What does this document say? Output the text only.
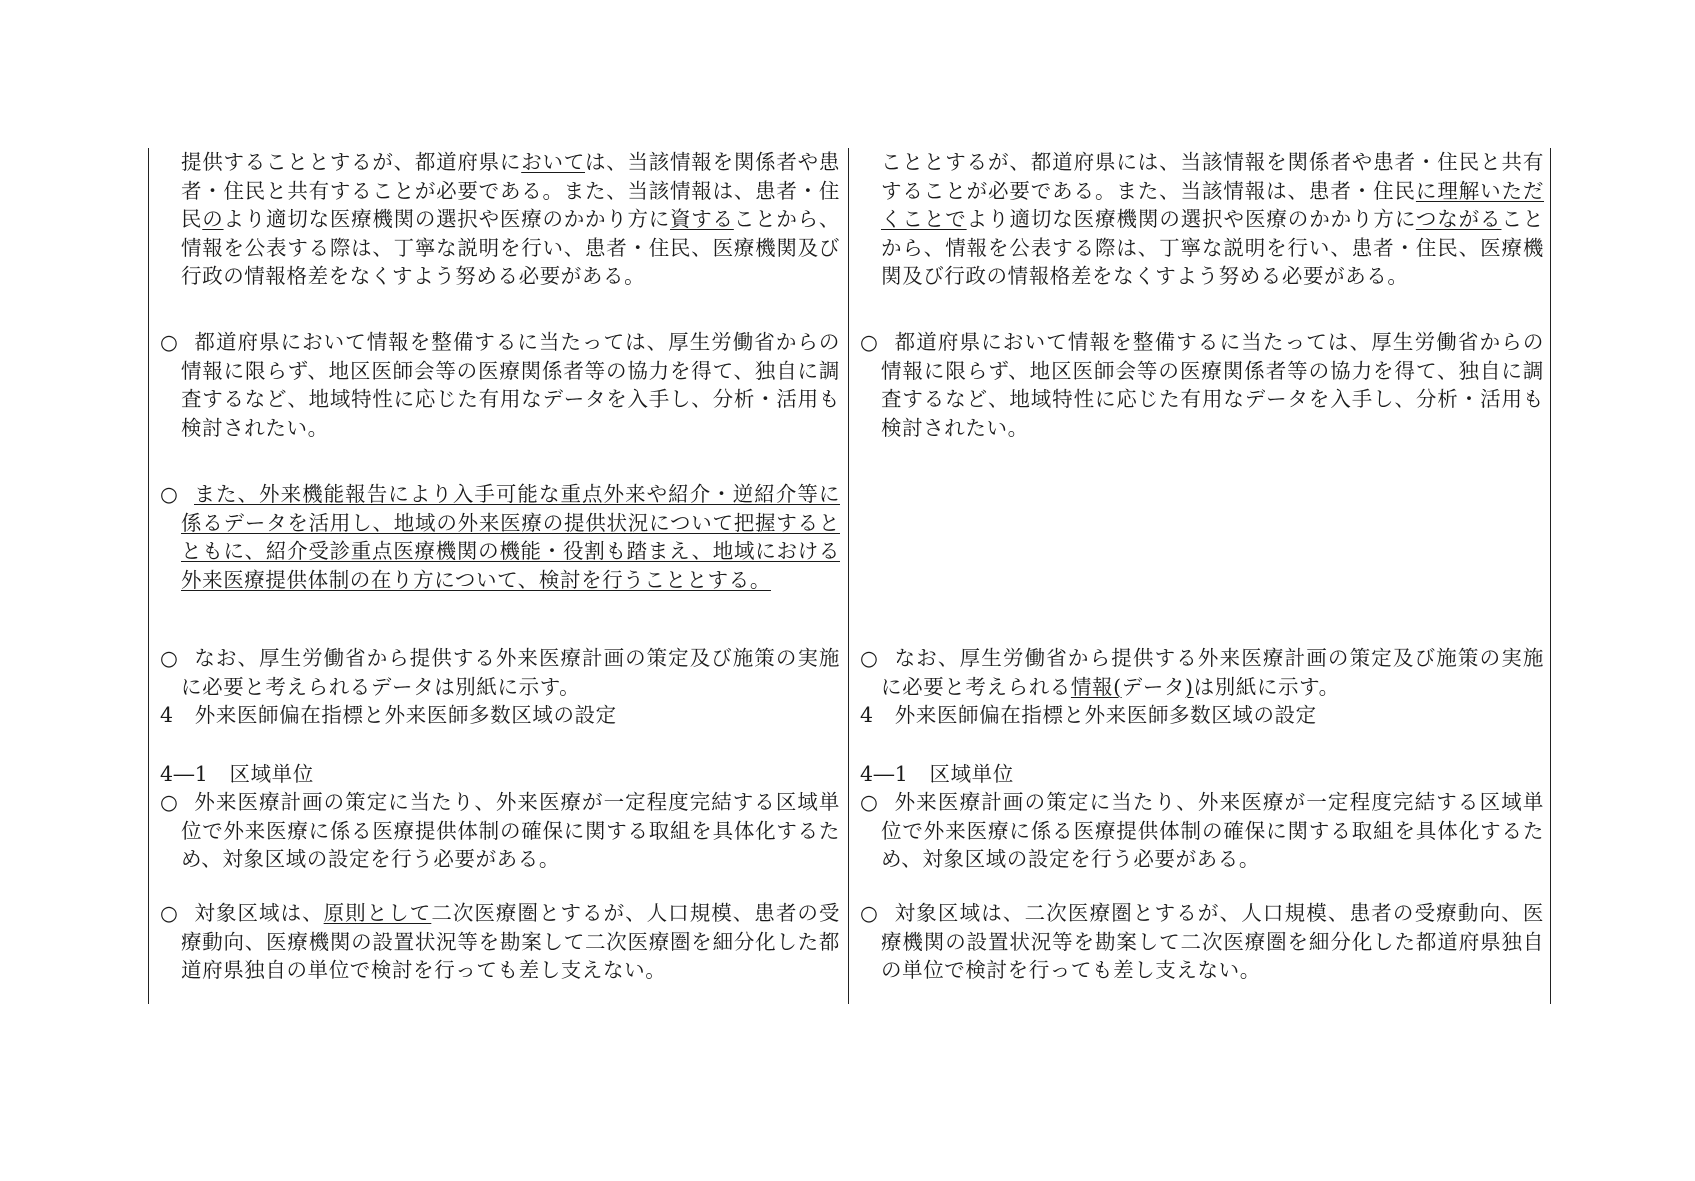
提供することとするが、都道府県においては、当該情報を関係者や患者・住民と共有することが必要である。また、当該情報は、患者・住民のより適切な医療機関の選択や医療のかかり方に資することから、情報を公表する際は、丁寧な説明を行い、患者・住民、医療機関及び行政の情報格差をなくすよう努める必要がある。

○ 都道府県において情報を整備するに当たっては、厚生労働省からの情報に限らず、地区医師会等の医療関係者等の協力を得て、独自に調査するなど、地域特性に応じた有用なデータを入手し、分析・活用も検討されたい。

○ また、外来機能報告により入手可能な重点外来や紹介・逆紹介等に係るデータを活用し、地域の外来医療の提供状況について把握するとともに、紹介受診重点医療機関の機能・役割も踏まえ、地域における外来医療提供体制の在り方について、検討を行うこととする。

○ なお、厚生労働省から提供する外来医療計画の策定及び施策の実施に必要と考えられるデータは別紙に示す。

4　外来医師偏在指標と外来医師多数区域の設定

4―1　区域単位

○ 外来医療計画の策定に当たり、外来医療が一定程度完結する区域単位で外来医療に係る医療提供体制の確保に関する取組を具体化するため、対象区域の設定を行う必要がある。

○ 対象区域は、原則として二次医療圏とするが、人口規模、患者の受療動向、医療機関の設置状況等を勘案して二次医療圏を細分化した都道府県独自の単位で検討を行っても差し支えない。

こととするが、都道府県には、当該情報を関係者や患者・住民と共有することが必要である。また、当該情報は、患者・住民に理解いただくことでより適切な医療機関の選択や医療のかかり方につながることから、情報を公表する際は、丁寧な説明を行い、患者・住民、医療機関及び行政の情報格差をなくすよう努める必要がある。

○ 都道府県において情報を整備するに当たっては、厚生労働省からの情報に限らず、地区医師会等の医療関係者等の協力を得て、独自に調査するなど、地域特性に応じた有用なデータを入手し、分析・活用も検討されたい。

○ なお、厚生労働省から提供する外来医療計画の策定及び施策の実施に必要と考えられる情報(データ)は別紙に示す。

4　外来医師偏在指標と外来医師多数区域の設定

4―1　区域単位

○ 外来医療計画の策定に当たり、外来医療が一定程度完結する区域単位で外来医療に係る医療提供体制の確保に関する取組を具体化するため、対象区域の設定を行う必要がある。

○ 対象区域は、二次医療圏とするが、人口規模、患者の受療動向、医療機関の設置状況等を勘案して二次医療圏を細分化した都道府県独自の単位で検討を行っても差し支えない。
